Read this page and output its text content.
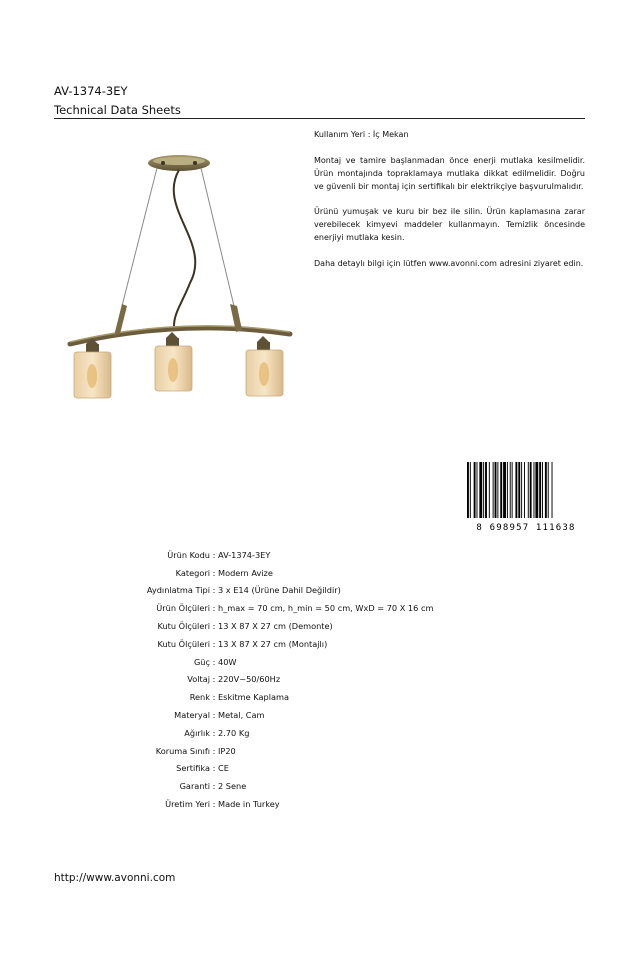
AV-1374-3EY
Technical Data Sheets

Kullanım Yeri : İç Mekan

Montaj ve tamire başlanmadan önce enerji mutlaka kesilmelidir. Ürün montajında topraklamaya mutlaka dikkat edilmelidir. Doğru ve güvenli bir montaj için sertifikalı bir elektrikçiye başvurulmalıdır.

Ürünü yumuşak ve kuru bir bez ile silin. Ürün kaplamasına zarar verebilecek kimyevi maddeler kullanmayın. Temizlik öncesinde enerjiyi mutlaka kesin.

Daha detaylı bilgi için lütfen www.avonni.com adresini ziyaret edin.

8 698957 111638
Ürün Kodu : AV-1374-3EY
Kategori : Modern Avize
Aydınlatma Tipi : 3 x E14 (Ürüne Dahil Değildir)
Ürün Ölçüleri : h_max = 70 cm, h_min = 50 cm, WxD = 70 X 16 cm
Kutu Ölçüleri : 13 X 87 X 27 cm (Demonte)
Kutu Ölçüleri : 13 X 87 X 27 cm (Montajlı)
Güç : 40W
Voltaj : 220V~50/60Hz
Renk : Eskitme Kaplama
Materyal : Metal, Cam
Ağırlık : 2.70 Kg
Koruma Sınıfı : IP20
Sertifika : CE
Garanti : 2 Sene
Üretim Yeri : Made in Turkey
http://www.avonni.com
